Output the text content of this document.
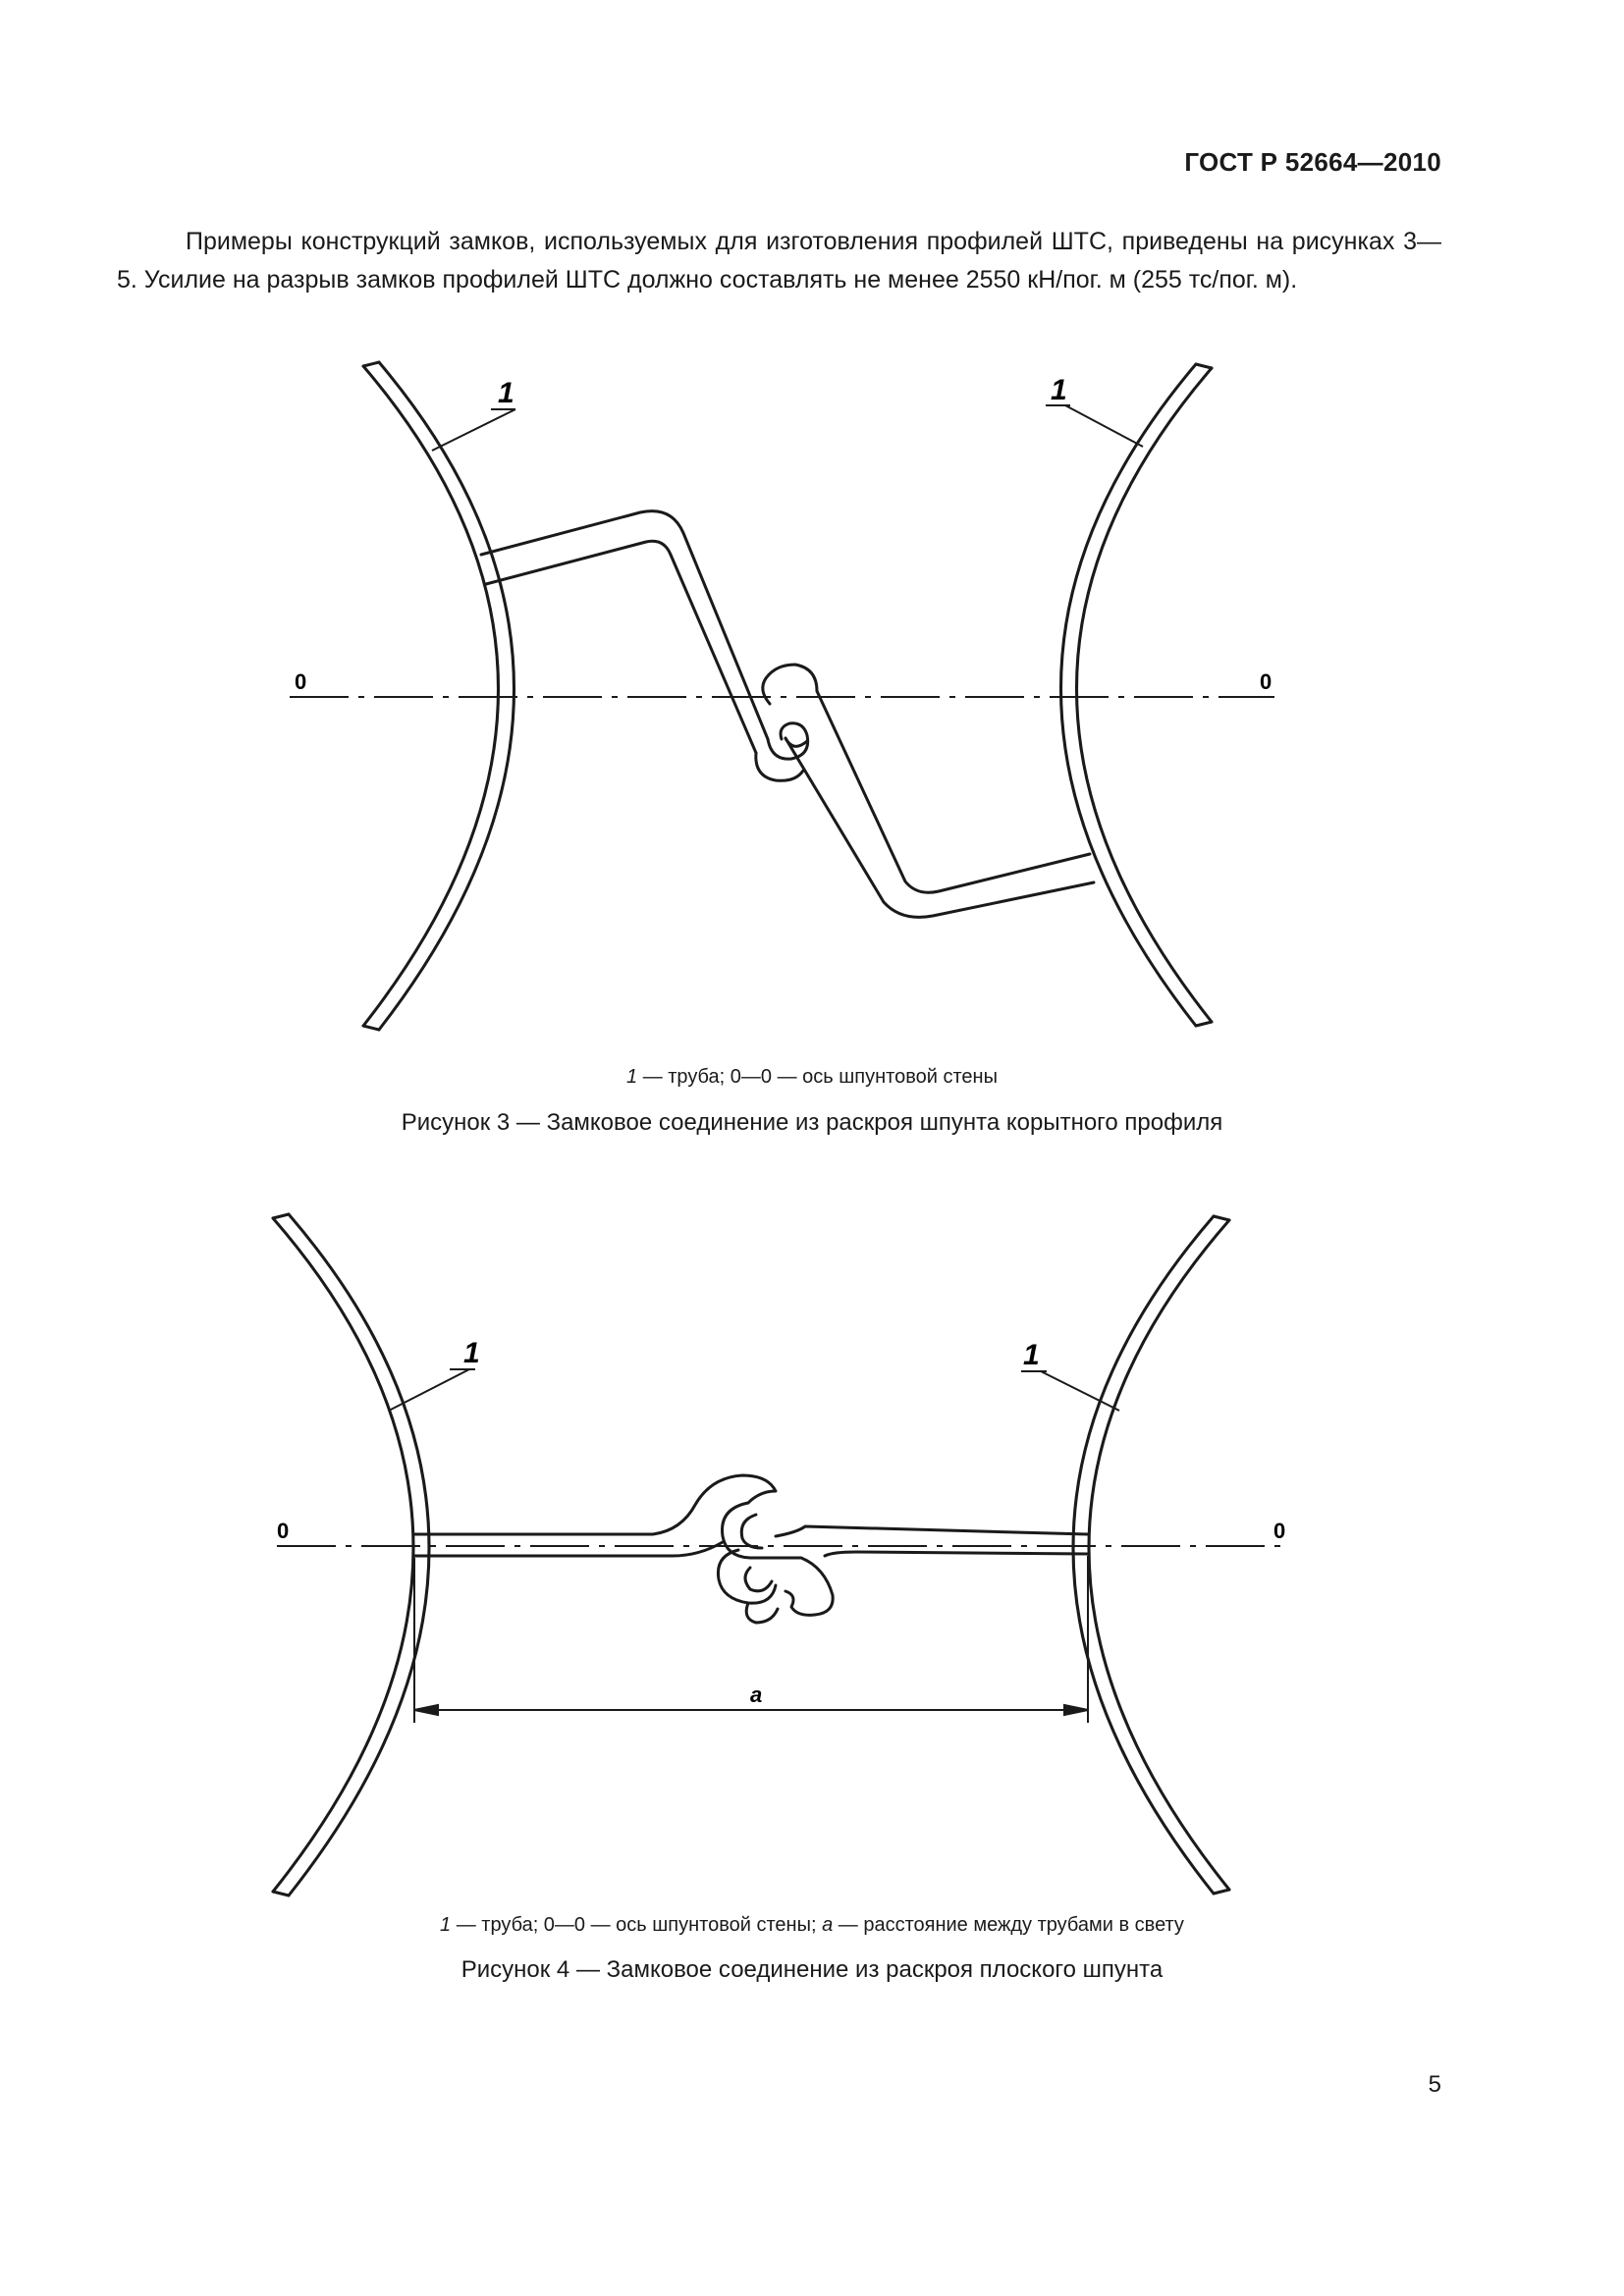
ГОСТ Р 52664—2010

Примеры конструкций замков, используемых для изготовления профилей ШТС, приведены на рисунках 3—5. Усилие на разрыв замков профилей ШТС должно составлять не менее 2550 кН/пог. м (255 тс/пог. м).

0	0
1	1
1 — труба; 0—0 — ось шпунтовой стены
Рисунок 3 — Замковое соединение из раскроя шпунта корытного профиля
0	0
1	1
a
1 — труба; 0—0 — ось шпунтовой стены; a — расстояние между трубами в свету
Рисунок 4 — Замковое соединение из раскроя плоского шпунта
5
